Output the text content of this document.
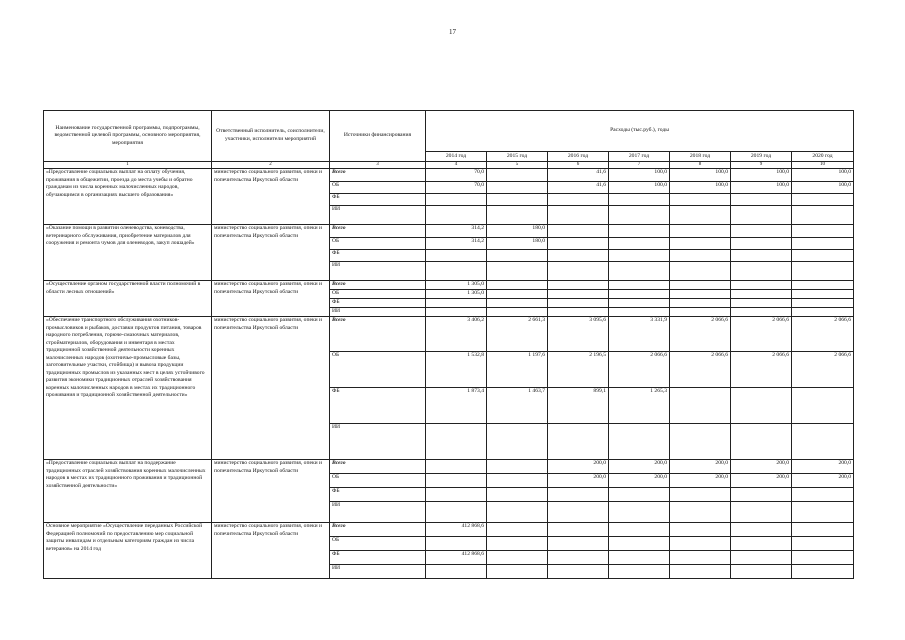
17
Наименование государственной программы, подпрограммы, ведомственной целевой программы, основного мероприятия, мероприятия	Ответственный исполнитель, соисполнители, участники, исполнители мероприятий	Источники финансирования	Расходы (тыс.руб.), годы						
			2014 год	2015 год	2016 год	2017 год	2018 год	2019 год	2020 год
1	2	3	4	5	6	7	8	9	10
«Предоставление социальных выплат на оплату обучения, проживания в общежитии, проезда до места учебы и обратно гражданам из числа коренных малочисленных народов, обучающимся в организациях высшего образования»	министерство социального развития, опеки и попечительства Иркутской области	Всего	70,0		41,6	100,0	100,0	100,0	100,0
		ОБ	70,0		41,6	100,0	100,0	100,0	100,0
		ФБ							
		ИИ							
«Оказание помощи в развитии оленеводства, коневодства, ветеринарного обслуживания, приобретение материалов для сооружения и ремонта чумов для оленеводов, закуп лошадей»	министерство социального развития, опеки и попечительства Иркутской области	Всего	314,2	180,0					
		ОБ	314,2	180,0					
		ФБ							
		ИИ							
«Осуществление органом государственной власти полномочий в области лесных отношений»	министерство социального развития, опеки и попечительства Иркутской области	Всего	1 305,0						
		ОБ	1 305,0						
		ФБ							
		ИИ							
«Обеспечение транспортного обслуживания охотников-промысловиков и рыбаков, доставки продуктов питания, товаров народного потребления, горюче-смазочных материалов, стройматериалов, оборудования и инвентаря в местах традиционной хозяйственной деятельности коренных малочисленных народов (охотничье-промысловые базы, заготовительные участки, стойбища) и вывоза продукции традиционных промыслов из указанных мест в целях устойчивого развития экономики традиционных отраслей хозяйствования коренных малочисленных народов в местах их традиционного проживания и традиционной хозяйственной деятельности»	министерство социального развития, опеки и попечительства Иркутской области	Всего	3 406,2	2 661,3	3 095,6	3 331,9	2 066,6	2 066,6	2 066,6
		ОБ	1 532,8	1 197,6	2 196,5	2 066,6	2 066,6	2 066,6	2 066,6
		ФБ	1 873,4	1 463,7	899,1	1 265,3			
		ИИ							
«Предоставление социальных выплат на поддержание традиционных отраслей хозяйствования коренных малочисленных народов в местах их традиционного проживания и традиционной хозяйственной деятельности»	министерство социального развития, опеки и попечительства Иркутской области	Всего			200,0	200,0	200,0	200,0	200,0
		ОБ			200,0	200,0	200,0	200,0	200,0
		ФБ							
		ИИ							
Основное мероприятие «Осуществление переданных Российской Федерацией полномочий по предоставлению мер социальной защиты инвалидам и отдельным категориям граждан из числа ветеранов» на 2014 год	министерство социального развития, опеки и попечительства Иркутской области	Всего	412 868,6						
		ОБ							
		ФБ	412 868,6						
		ИИ							
